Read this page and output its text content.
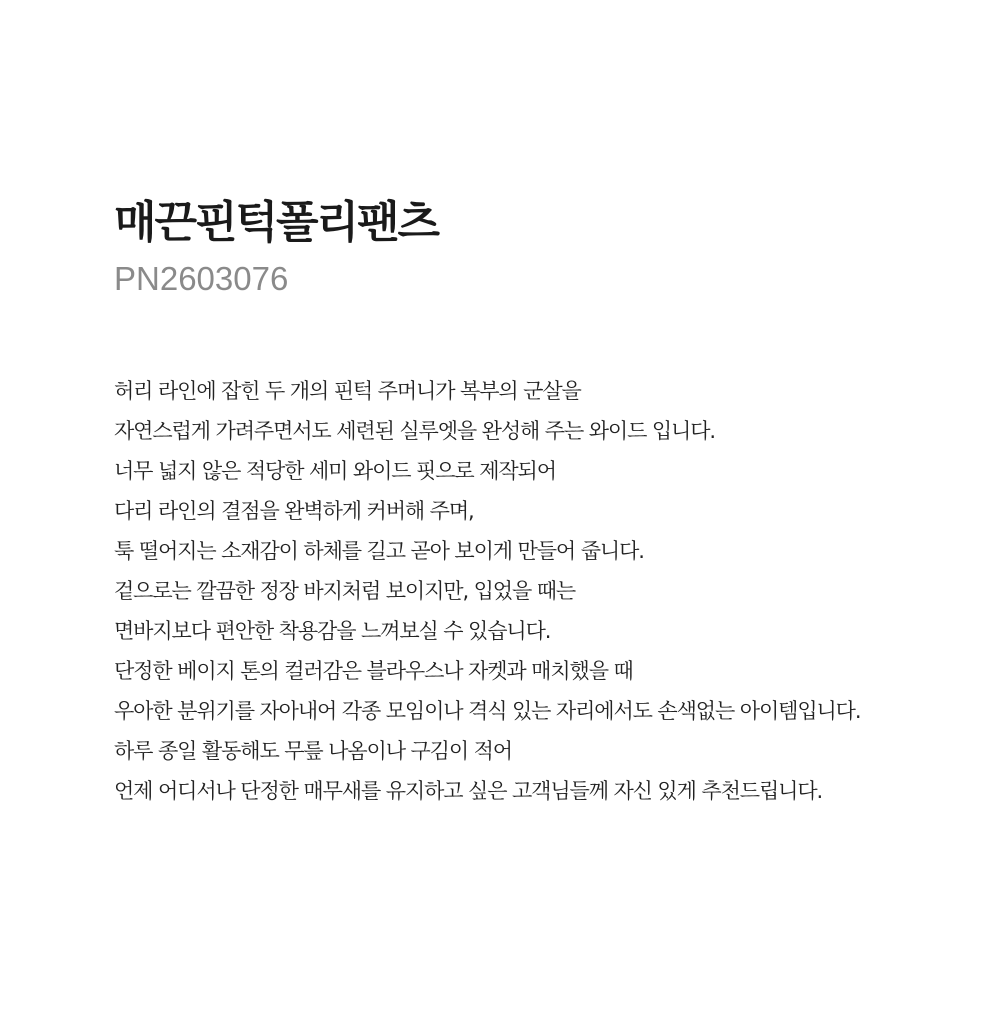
매끈핀턱폴리팬츠
PN2603076
허리 라인에 잡힌 두 개의 핀턱 주머니가 복부의 군살을
자연스럽게 가려주면서도 세련된 실루엣을 완성해 주는 와이드 입니다.
너무 넓지 않은 적당한 세미 와이드 핏으로 제작되어
다리 라인의 결점을 완벽하게 커버해 주며,
툭 떨어지는 소재감이 하체를 길고 곧아 보이게 만들어 줍니다.
겉으로는 깔끔한 정장 바지처럼 보이지만, 입었을 때는
면바지보다 편안한 착용감을 느껴보실 수 있습니다.
단정한 베이지 톤의 컬러감은 블라우스나 자켓과 매치했을 때
우아한 분위기를 자아내어 각종 모임이나 격식 있는 자리에서도 손색없는 아이템입니다.
하루 종일 활동해도 무릎 나옴이나 구김이 적어
언제 어디서나 단정한 매무새를 유지하고 싶은 고객님들께 자신 있게 추천드립니다.
